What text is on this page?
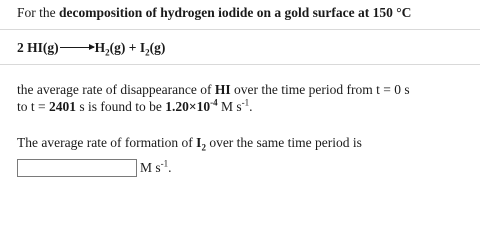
For the decomposition of hydrogen iodide on a gold surface at 150 °C
2 $HI(g)\to H_2(g) + I_2(g)$
the average rate of disappearance of HI over the time period from t = 0 s
to t = 2401 s is found to be $1.20\times 10^{-4}$ M $s^{-1}$.
The average rate of formation of $I_2$ over the same time period is
M $s^{-1}$.
